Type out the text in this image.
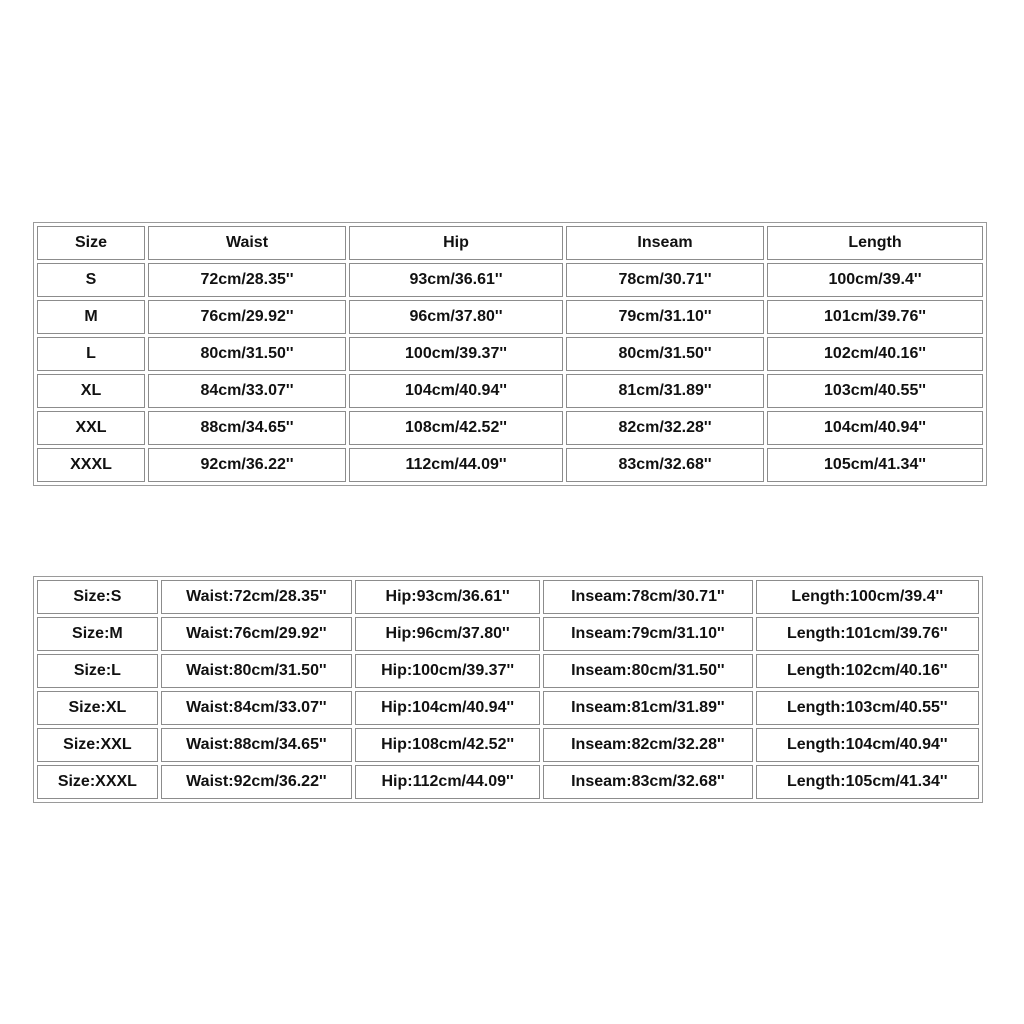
Size	Waist	Hip	Inseam	Length
S	72cm/28.35''	93cm/36.61''	78cm/30.71''	100cm/39.4''
M	76cm/29.92''	96cm/37.80''	79cm/31.10''	101cm/39.76''
L	80cm/31.50''	100cm/39.37''	80cm/31.50''	102cm/40.16''
XL	84cm/33.07''	104cm/40.94''	81cm/31.89''	103cm/40.55''
XXL	88cm/34.65''	108cm/42.52''	82cm/32.28''	104cm/40.94''
XXXL	92cm/36.22''	112cm/44.09''	83cm/32.68''	105cm/41.34''
Size:S	Waist:72cm/28.35''	Hip:93cm/36.61''	Inseam:78cm/30.71''	Length:100cm/39.4''
Size:M	Waist:76cm/29.92''	Hip:96cm/37.80''	Inseam:79cm/31.10''	Length:101cm/39.76''
Size:L	Waist:80cm/31.50''	Hip:100cm/39.37''	Inseam:80cm/31.50''	Length:102cm/40.16''
Size:XL	Waist:84cm/33.07''	Hip:104cm/40.94''	Inseam:81cm/31.89''	Length:103cm/40.55''
Size:XXL	Waist:88cm/34.65''	Hip:108cm/42.52''	Inseam:82cm/32.28''	Length:104cm/40.94''
Size:XXXL	Waist:92cm/36.22''	Hip:112cm/44.09''	Inseam:83cm/32.68''	Length:105cm/41.34''
